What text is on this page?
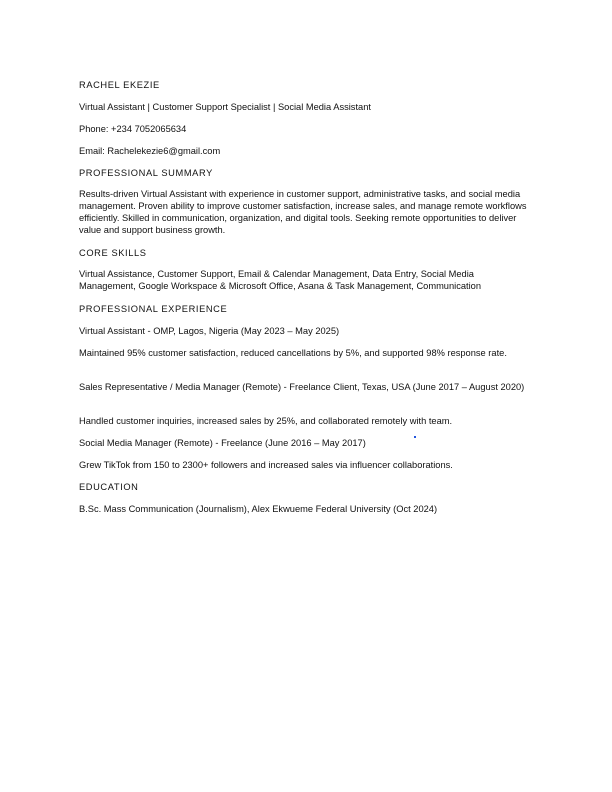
RACHEL EKEZIE
Virtual Assistant | Customer Support Specialist | Social Media Assistant
Phone: +234 7052065634
Email: Rachelekezie6@gmail.com
PROFESSIONAL SUMMARY
Results-driven Virtual Assistant with experience in customer support, administrative tasks, and social media management. Proven ability to improve customer satisfaction, increase sales, and manage remote workflows efficiently. Skilled in communication, organization, and digital tools. Seeking remote opportunities to deliver value and support business growth.
CORE SKILLS
Virtual Assistance, Customer Support, Email & Calendar Management, Data Entry, Social Media Management, Google Workspace & Microsoft Office, Asana & Task Management, Communication
PROFESSIONAL EXPERIENCE
Virtual Assistant - OMP, Lagos, Nigeria (May 2023 – May 2025)
Maintained 95% customer satisfaction, reduced cancellations by 5%, and supported 98% response rate.
Sales Representative / Media Manager (Remote) - Freelance Client, Texas, USA (June 2017 – August 2020)
Handled customer inquiries, increased sales by 25%, and collaborated remotely with team.
Social Media Manager (Remote) - Freelance (June 2016 – May 2017)
Grew TikTok from 150 to 2300+ followers and increased sales via influencer collaborations.
EDUCATION
B.Sc. Mass Communication (Journalism), Alex Ekwueme Federal University (Oct 2024)
